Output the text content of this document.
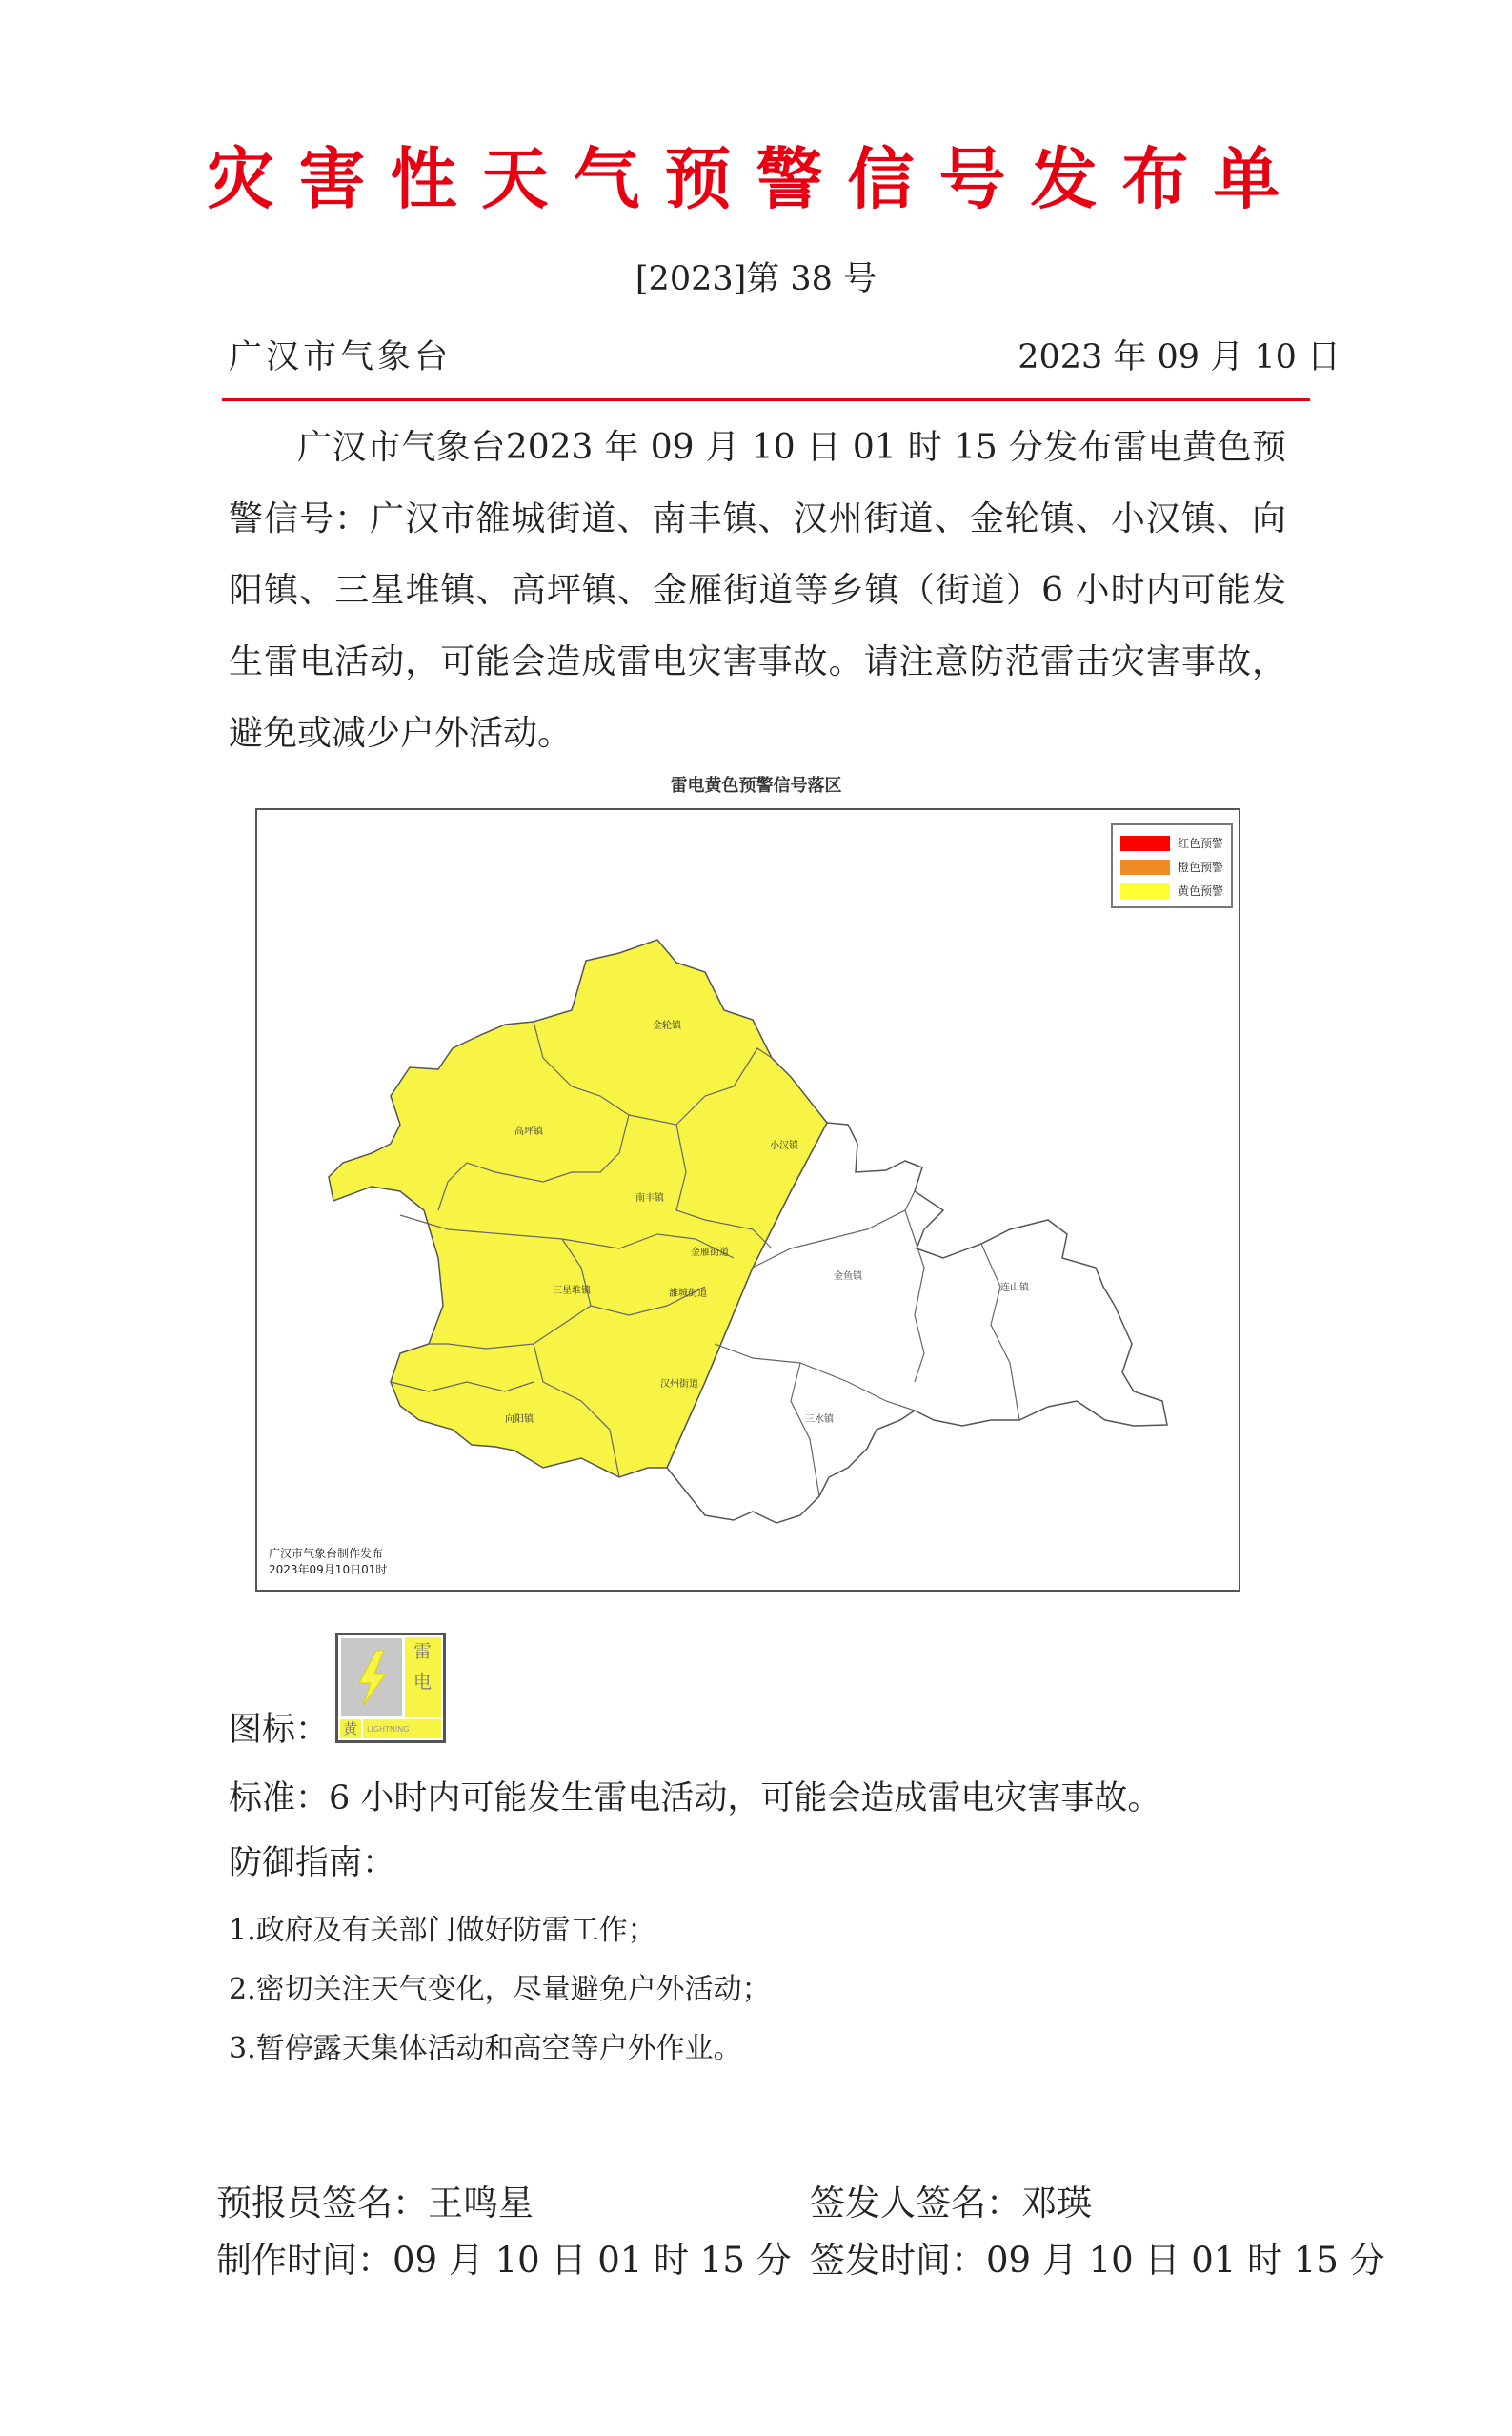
灾害性天气预警信号发布单
[2023]第 38 号
广汉市气象台	2023 年 09 月 10 日
广汉市气象台2023 年 09 月 10 日 01 时 15 分发布雷电黄色预警信号：广汉市雒城街道、南丰镇、汉州街道、金轮镇、小汉镇、向阳镇、三星堆镇、高坪镇、金雁街道等乡镇（街道）6 小时内可能发生雷电活动，可能会造成雷电灾害事故。请注意防范雷击灾害事故，避免或减少户外活动。
雷电黄色预警信号落区
红色预警
橙色预警
黄色预警
金轮镇
高坪镇
小汉镇
南丰镇
金雁街道
三星堆镇	雒城街道
金鱼镇
连山镇
汉州街道
向阳镇	三水镇
广汉市气象台制作发布
2023年09月10日01时
图标：
雷
电
黄 LIGHTNING
标准：6 小时内可能发生雷电活动，可能会造成雷电灾害事故。
防御指南：
1.政府及有关部门做好防雷工作；
2.密切关注天气变化，尽量避免户外活动；
3.暂停露天集体活动和高空等户外作业。
预报员签名：王鸣星	签发人签名：邓瑛
制作时间：09 月 10 日 01 时 15 分 签发时间：09 月 10 日 01 时 15 分
